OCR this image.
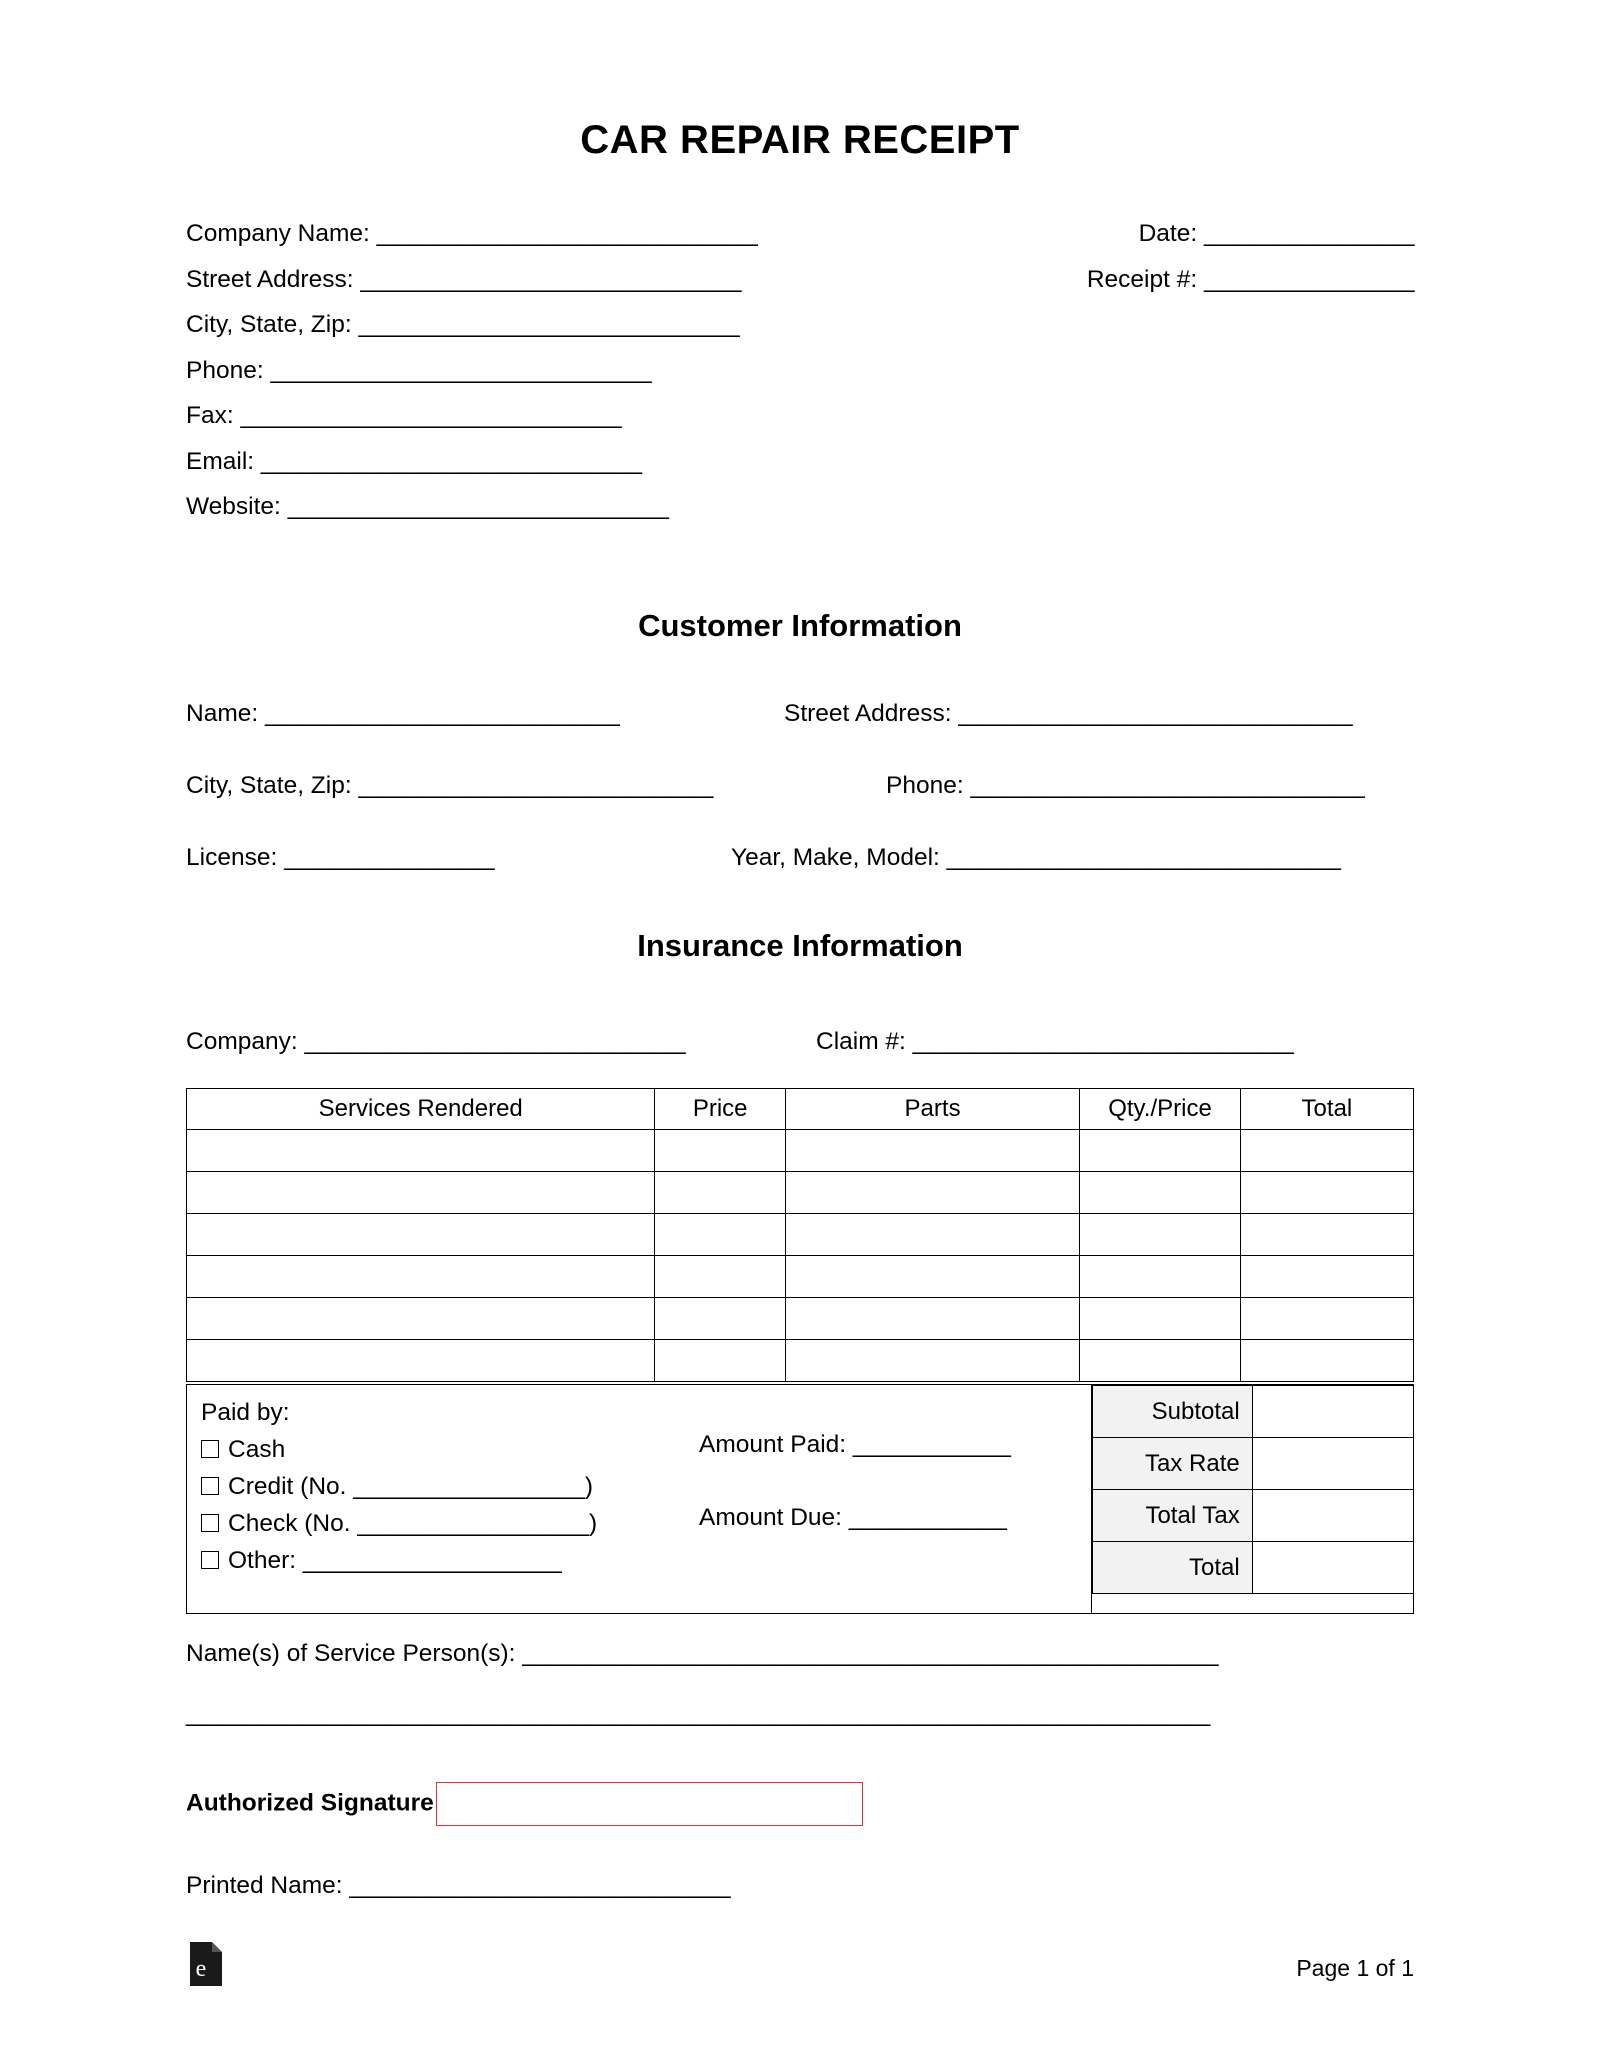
CAR REPAIR RECEIPT
Company Name: _____________________________
Street Address: _____________________________
City, State, Zip: _____________________________
Phone: _____________________________
Fax: _____________________________
Email: _____________________________
Website: _____________________________
Date: ________________
Receipt #: ________________
Customer Information
Name: ___________________________	Street Address: ______________________________
City, State, Zip: ___________________________	Phone: ______________________________
License: ________________	Year, Make, Model: ______________________________
Insurance Information
Company: _____________________________	Claim #: _____________________________
Services Rendered	Price	Parts	Qty./Price	Total

Paid by:
Cash
Credit (No. _________________)
Check (No. _________________)
Other: ___________________
Amount Paid: ____________
Amount Due: ____________
Subtotal	
Tax Rate	
Total Tax	
Total	
Name(s) of Service Person(s): _____________________________________________________
______________________________________________________________________________
Authorized Signature
Printed Name: _____________________________
e	Page 1 of 1
